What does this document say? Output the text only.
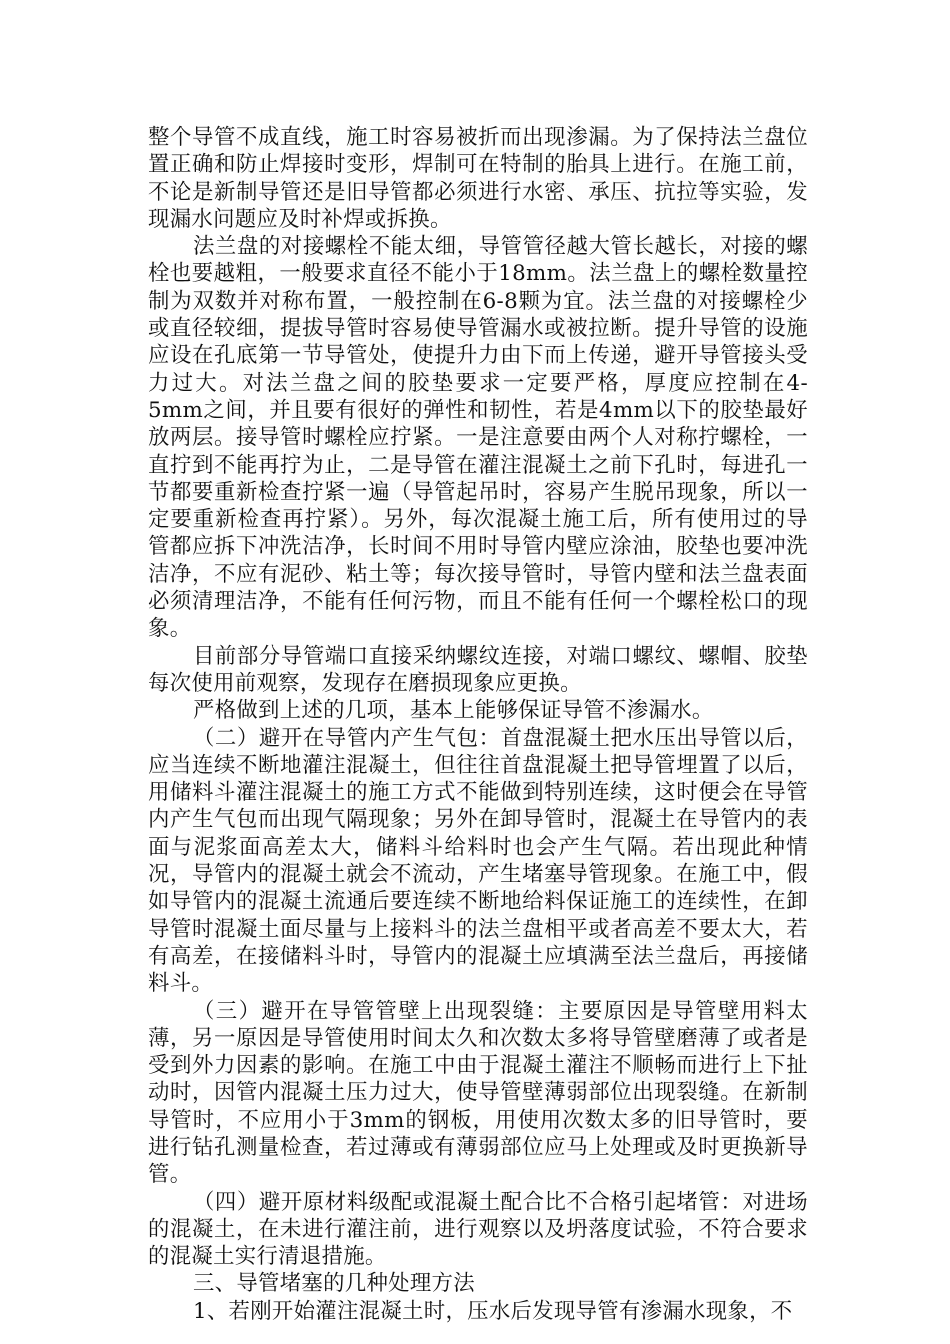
整个导管不成直线，施工时容易被折而出现渗漏。为了保持法兰盘位置正确和防止焊接时变形，焊制可在特制的胎具上进行。在施工前，不论是新制导管还是旧导管都必须进行水密、承压、抗拉等实验，发现漏水问题应及时补焊或拆换。

法兰盘的对接螺栓不能太细，导管管径越大管长越长，对接的螺栓也要越粗，一般要求直径不能小于18mm。法兰盘上的螺栓数量控制为双数并对称布置，一般控制在6-8颗为宜。法兰盘的对接螺栓少或直径较细，提拔导管时容易使导管漏水或被拉断。提升导管的设施应设在孔底第一节导管处，使提升力由下而上传递，避开导管接头受力过大。对法兰盘之间的胶垫要求一定要严格，厚度应控制在4-5mm之间，并且要有很好的弹性和韧性，若是4mm以下的胶垫最好放两层。接导管时螺栓应拧紧。一是注意要由两个人对称拧螺栓，一直拧到不能再拧为止，二是导管在灌注混凝土之前下孔时，每进孔一节都要重新检查拧紧一遍（导管起吊时，容易产生脱吊现象，所以一定要重新检查再拧紧）。另外，每次混凝土施工后，所有使用过的导管都应拆下冲洗洁净，长时间不用时导管内壁应涂油，胶垫也要冲洗洁净，不应有泥砂、粘土等；每次接导管时，导管内壁和法兰盘表面必须清理洁净，不能有任何污物，而且不能有任何一个螺栓松口的现象。

目前部分导管端口直接采纳螺纹连接，对端口螺纹、螺帽、胶垫每次使用前观察，发现存在磨损现象应更换。

严格做到上述的几项，基本上能够保证导管不渗漏水。

（二）避开在导管内产生气包：首盘混凝土把水压出导管以后，应当连续不断地灌注混凝土，但往往首盘混凝土把导管埋置了以后，用储料斗灌注混凝土的施工方式不能做到特别连续，这时便会在导管内产生气包而出现气隔现象；另外在卸导管时，混凝土在导管内的表面与泥浆面高差太大，储料斗给料时也会产生气隔。若出现此种情况，导管内的混凝土就会不流动，产生堵塞导管现象。在施工中，假如导管内的混凝土流通后要连续不断地给料保证施工的连续性，在卸导管时混凝土面尽量与上接料斗的法兰盘相平或者高差不要太大，若有高差，在接储料斗时，导管内的混凝土应填满至法兰盘后，再接储料斗。

（三）避开在导管管壁上出现裂缝：主要原因是导管壁用料太薄，另一原因是导管使用时间太久和次数太多将导管壁磨薄了或者是受到外力因素的影响。在施工中由于混凝土灌注不顺畅而进行上下扯动时，因管内混凝土压力过大，使导管壁薄弱部位出现裂缝。在新制导管时，不应用小于3mm的钢板，用使用次数太多的旧导管时，要进行钻孔测量检查，若过薄或有薄弱部位应马上处理或及时更换新导管。

（四）避开原材料级配或混凝土配合比不合格引起堵管：对进场的混凝土，在未进行灌注前，进行观察以及坍落度试验，不符合要求的混凝土实行清退措施。

三、导管堵塞的几种处理方法

1、若刚开始灌注混凝土时，压水后发现导管有渗漏水现象，不
